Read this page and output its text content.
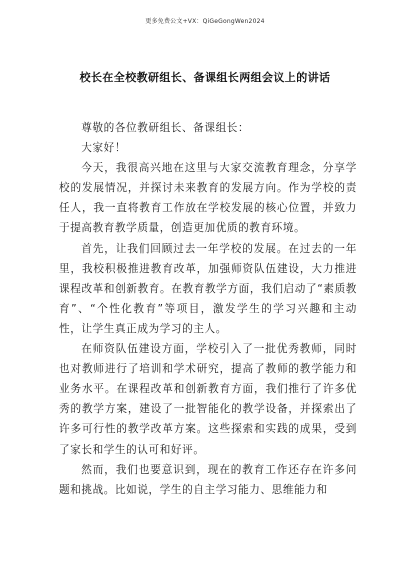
更多免费公文+VX：QiGeGongWen2024
校长在全校教研组长、备课组长两组会议上的讲话

尊敬的各位教研组长、备课组长：

大家好！

今天，我很高兴地在这里与大家交流教育理念，分享学校的发展情况，并探讨未来教育的发展方向。作为学校的责任人，我一直将教育工作放在学校发展的核心位置，并致力于提高教育教学质量，创造更加优质的教育环境。

首先，让我们回顾过去一年学校的发展。在过去的一年里，我校积极推进教育改革，加强师资队伍建设，大力推进课程改革和创新教育。在教育教学方面，我们启动了“素质教育”、“个性化教育”等项目，激发学生的学习兴趣和主动性，让学生真正成为学习的主人。

在师资队伍建设方面，学校引入了一批优秀教师，同时也对教师进行了培训和学术研究，提高了教师的教学能力和业务水平。在课程改革和创新教育方面，我们推行了许多优秀的教学方案，建设了一批智能化的教学设备，并探索出了许多可行性的教学改革方案。这些探索和实践的成果，受到了家长和学生的认可和好评。

然而，我们也要意识到，现在的教育工作还存在许多问题和挑战。比如说，学生的自主学习能力、思维能力和
